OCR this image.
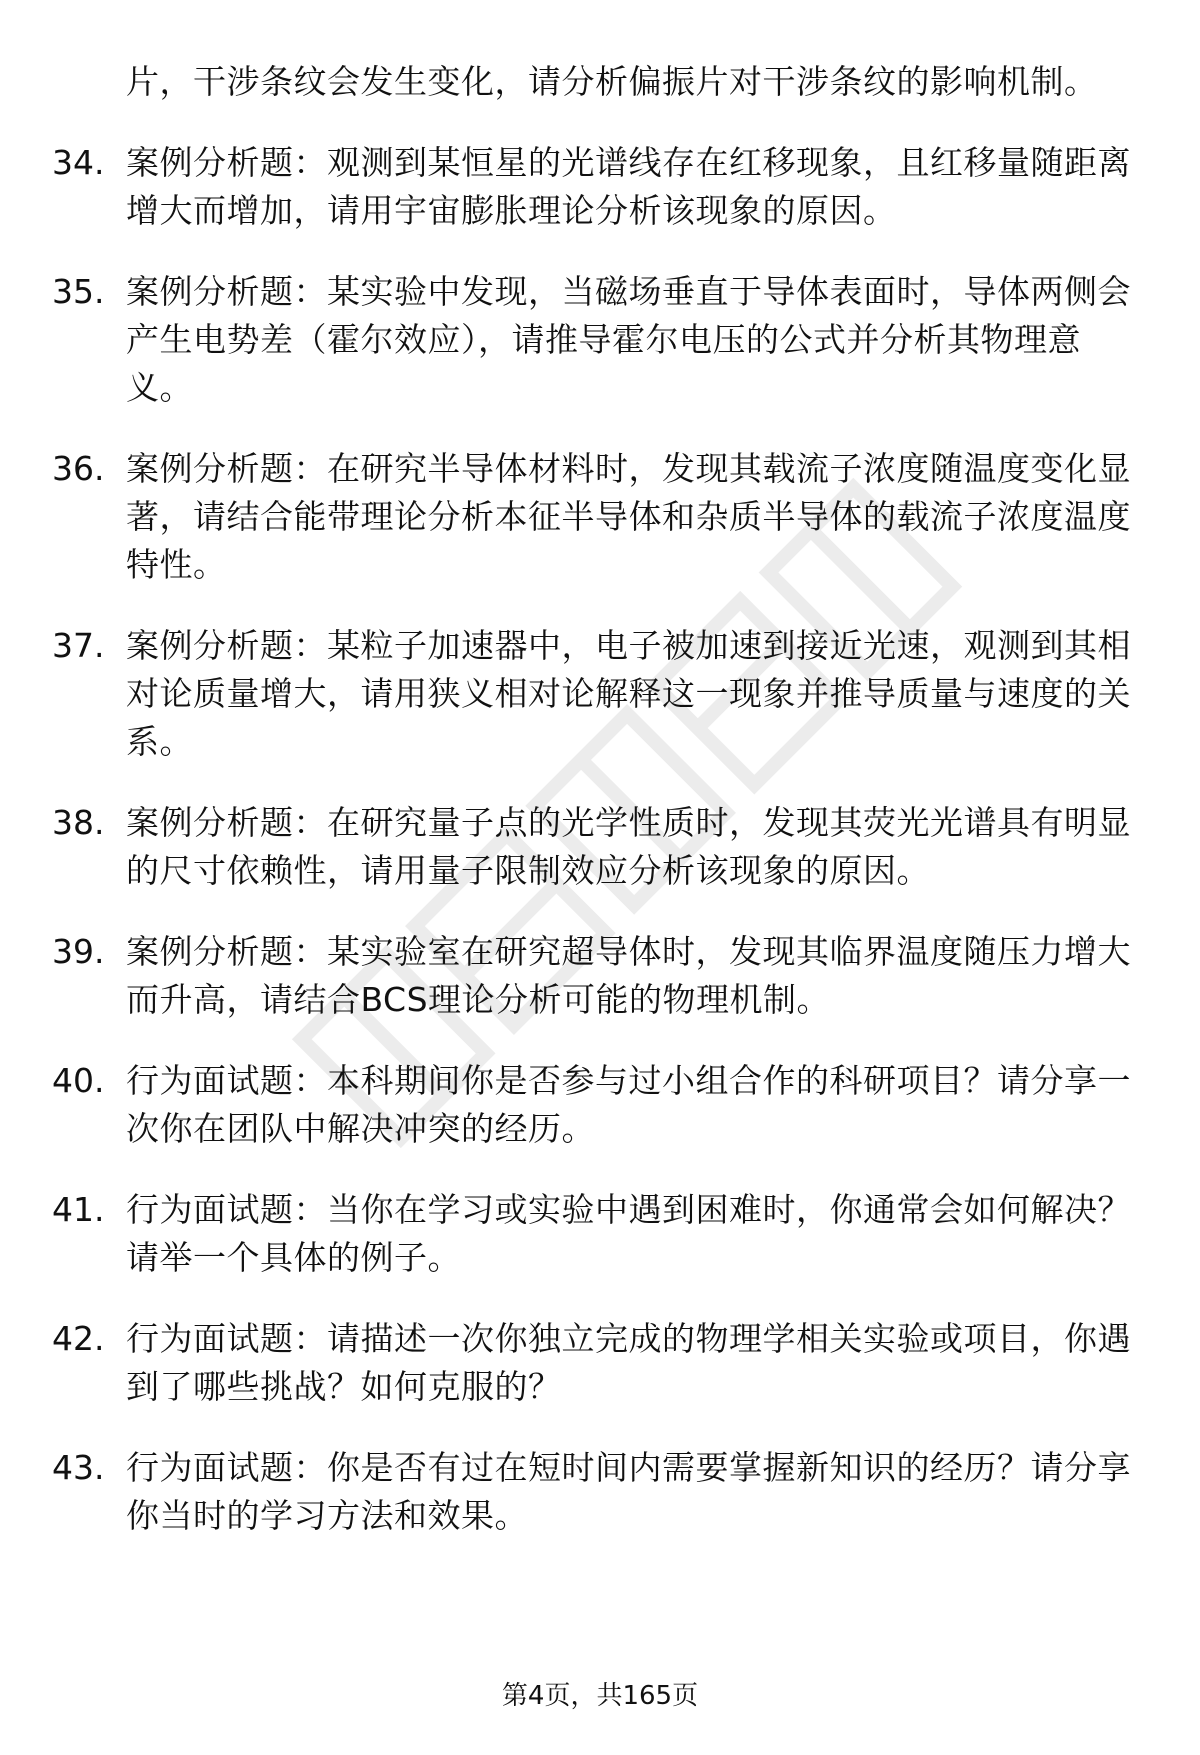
片，干涉条纹会发生变化，请分析偏振片对干涉条纹的影响机制。
34. 案例分析题：观测到某恒星的光谱线存在红移现象，且红移量随距离增大而增加，请用宇宙膨胀理论分析该现象的原因。
35. 案例分析题：某实验中发现，当磁场垂直于导体表面时，导体两侧会产生电势差（霍尔效应），请推导霍尔电压的公式并分析其物理意义。
36. 案例分析题：在研究半导体材料时，发现其载流子浓度随温度变化显著，请结合能带理论分析本征半导体和杂质半导体的载流子浓度温度特性。
37. 案例分析题：某粒子加速器中，电子被加速到接近光速，观测到其相对论质量增大，请用狭义相对论解释这一现象并推导质量与速度的关系。
38. 案例分析题：在研究量子点的光学性质时，发现其荧光光谱具有明显的尺寸依赖性，请用量子限制效应分析该现象的原因。
39. 案例分析题：某实验室在研究超导体时，发现其临界温度随压力增大而升高，请结合BCS理论分析可能的物理机制。
40. 行为面试题：本科期间你是否参与过小组合作的科研项目？请分享一次你在团队中解决冲突的经历。
41. 行为面试题：当你在学习或实验中遇到困难时，你通常会如何解决？请举一个具体的例子。
42. 行为面试题：请描述一次你独立完成的物理学相关实验或项目，你遇到了哪些挑战？如何克服的？
43. 行为面试题：你是否有过在短时间内需要掌握新知识的经历？请分享你当时的学习方法和效果。
第4页，共165页
